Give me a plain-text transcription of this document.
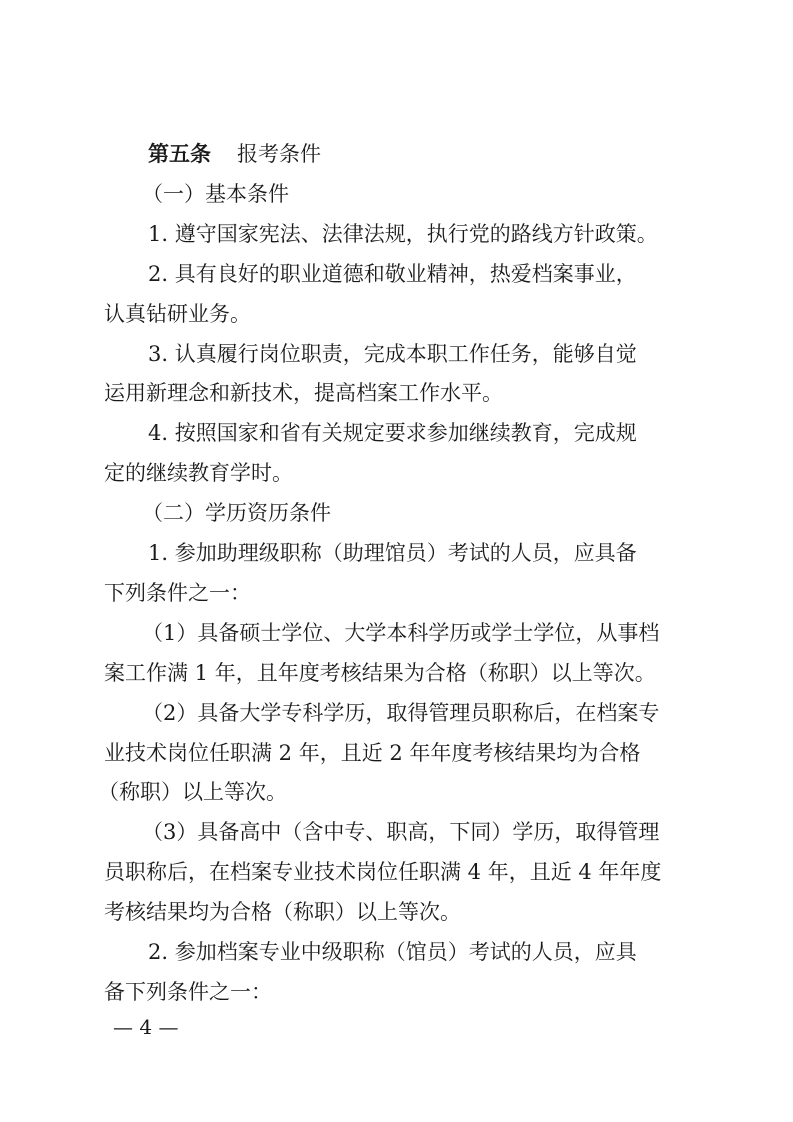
第五条 报考条件
（一）基本条件
1. 遵守国家宪法、法律法规，执行党的路线方针政策。
2. 具有良好的职业道德和敬业精神，热爱档案事业，
认真钻研业务。
3. 认真履行岗位职责，完成本职工作任务，能够自觉
运用新理念和新技术，提高档案工作水平。
4. 按照国家和省有关规定要求参加继续教育，完成规
定的继续教育学时。
（二）学历资历条件
1. 参加助理级职称（助理馆员）考试的人员，应具备
下列条件之一：
（1）具备硕士学位、大学本科学历或学士学位，从事档
案工作满 1 年，且年度考核结果为合格（称职）以上等次。
（2）具备大学专科学历，取得管理员职称后，在档案专
业技术岗位任职满 2 年，且近 2 年年度考核结果均为合格
（称职）以上等次。
（3）具备高中（含中专、职高，下同）学历，取得管理
员职称后，在档案专业技术岗位任职满 4 年，且近 4 年年度
考核结果均为合格（称职）以上等次。
2. 参加档案专业中级职称（馆员）考试的人员，应具
备下列条件之一：
— 4 —
